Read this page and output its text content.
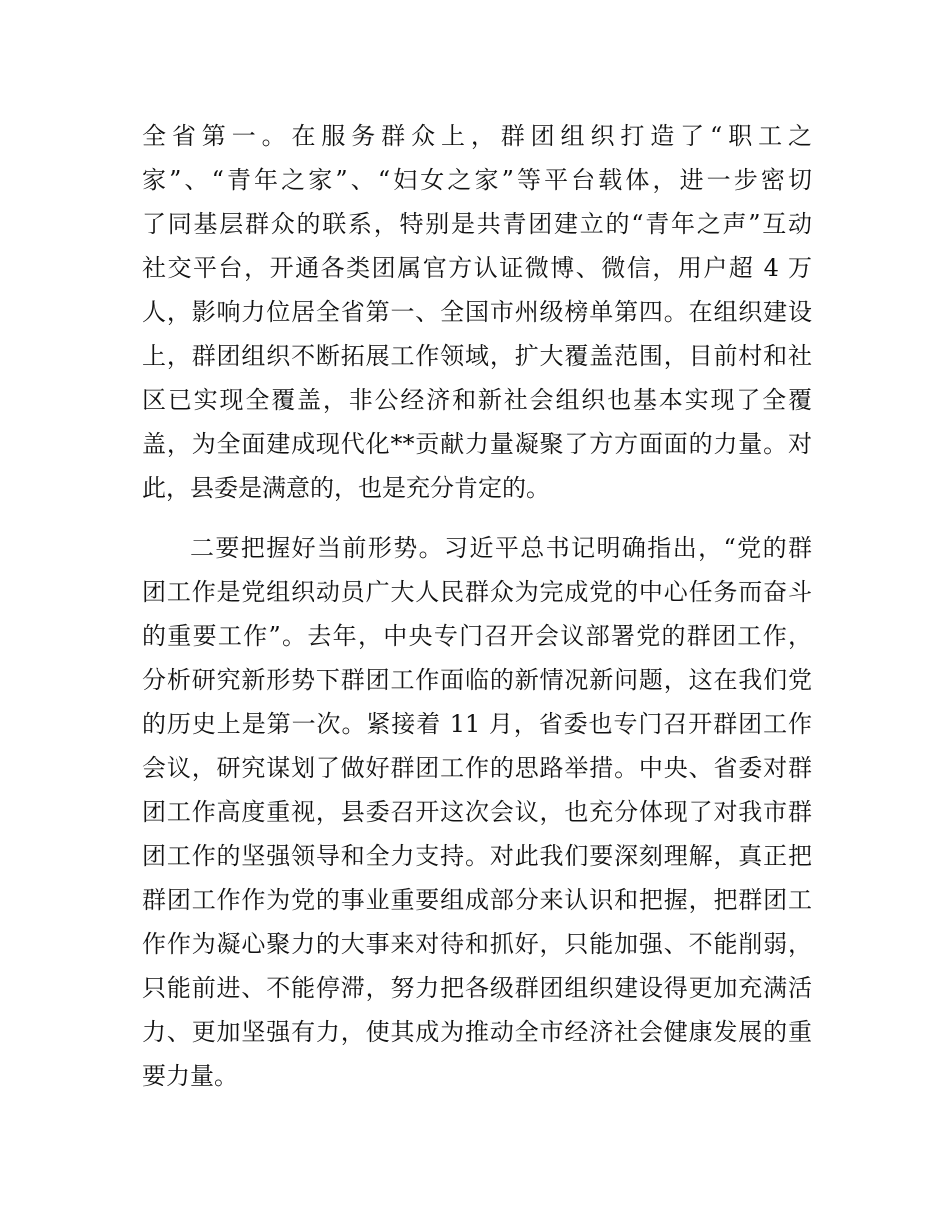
全省第一。在服务群众上，群团组织打造了“职工之
家”、“青年之家”、“妇女之家”等平台载体，进一步密切
了同基层群众的联系，特别是共青团建立的“青年之声”互动
社交平台，开通各类团属官方认证微博、微信，用户超 4 万
人，影响力位居全省第一、全国市州级榜单第四。在组织建设
上，群团组织不断拓展工作领域，扩大覆盖范围，目前村和社
区已实现全覆盖，非公经济和新社会组织也基本实现了全覆
盖，为全面建成现代化**贡献力量凝聚了方方面面的力量。对
此，县委是满意的，也是充分肯定的。
二要把握好当前形势。习近平总书记明确指出，“党的群
团工作是党组织动员广大人民群众为完成党的中心任务而奋斗
的重要工作”。去年，中央专门召开会议部署党的群团工作，
分析研究新形势下群团工作面临的新情况新问题，这在我们党
的历史上是第一次。紧接着 11 月，省委也专门召开群团工作
会议，研究谋划了做好群团工作的思路举措。中央、省委对群
团工作高度重视，县委召开这次会议，也充分体现了对我市群
团工作的坚强领导和全力支持。对此我们要深刻理解，真正把
群团工作作为党的事业重要组成部分来认识和把握，把群团工
作作为凝心聚力的大事来对待和抓好，只能加强、不能削弱，
只能前进、不能停滞，努力把各级群团组织建设得更加充满活
力、更加坚强有力，使其成为推动全市经济社会健康发展的重
要力量。
